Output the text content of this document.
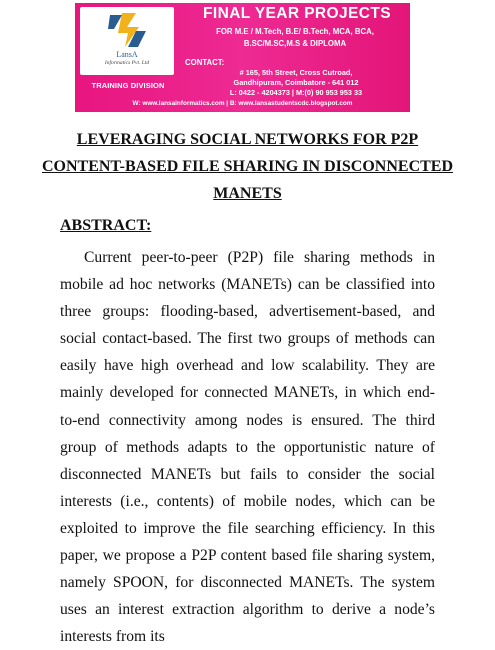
LansA
Informatics Pvt. Ltd
TRAINING DIVISION
FINAL YEAR PROJECTS
FOR M.E / M.Tech, B.E/ B.Tech, MCA, BCA,
B.SC/M.SC,M.S & DIPLOMA
CONTACT:
# 165, 5th Street, Cross Cutroad,
Gandhipuram, Coimbatore - 641 012
L: 0422 - 4204373 | M:(0) 90 953 953 33
W: www.lansainformatics.com | B: www.lansastudentscdc.blogspot.com
LEVERAGING SOCIAL NETWORKS FOR P2P CONTENT-BASED FILE SHARING IN DISCONNECTED MANETS
ABSTRACT:

Current peer-to-peer (P2P) file sharing methods in mobile ad hoc networks (MANETs) can be classified into three groups: flooding-based, advertisement-based, and social contact-based. The first two groups of methods can easily have high overhead and low scalability. They are mainly developed for connected MANETs, in which end-to-end connectivity among nodes is ensured. The third group of methods adapts to the opportunistic nature of disconnected MANETs but fails to consider the social interests (i.e., contents) of mobile nodes, which can be exploited to improve the file searching efficiency. In this paper, we propose a P2P content based file sharing system, namely SPOON, for disconnected MANETs. The system uses an interest extraction algorithm to derive a node’s interests from its
